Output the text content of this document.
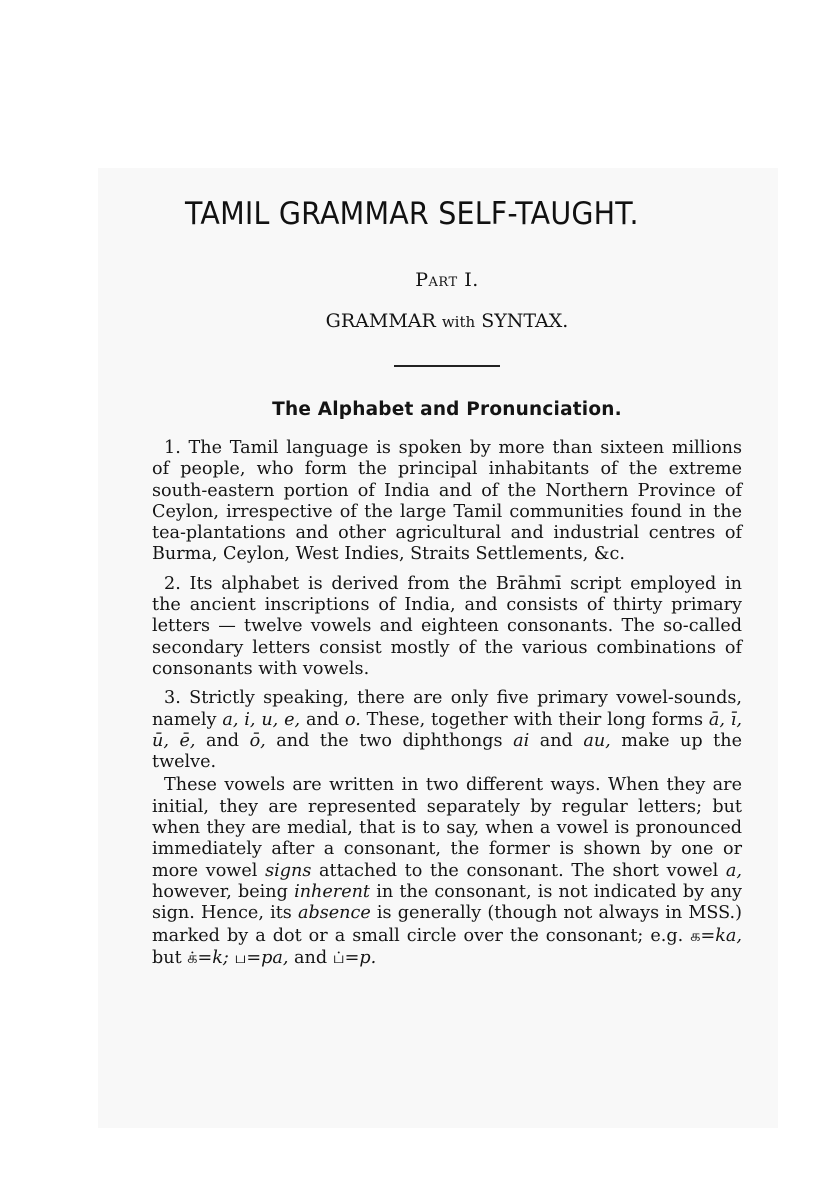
TAMIL GRAMMAR SELF-TAUGHT.
Part I.
GRAMMAR with SYNTAX.
The Alphabet and Pronunciation.

1. The Tamil language is spoken by more than sixteen millions of people, who form the principal inhabitants of the extreme south-eastern portion of India and of the Northern Province of Ceylon, irrespective of the large Tamil communities found in the tea-plantations and other agricultural and industrial centres of Burma, Ceylon, West Indies, Straits Settlements, &c.

2. Its alphabet is derived from the Brāhmī script employed in the ancient inscriptions of India, and consists of thirty primary letters — twelve vowels and eighteen consonants. The so-called secondary letters consist mostly of the various combinations of consonants with vowels.

3. Strictly speaking, there are only five primary vowel-sounds, namely a, i, u, e, and o. These, together with their long forms ā, ī, ū, ē, and ō, and the two diphthongs ai and au, make up the twelve.

These vowels are written in two different ways. When they are initial, they are represented separately by regular letters; but when they are medial, that is to say, when a vowel is pronounced immediately after a consonant, the former is shown by one or more vowel signs attached to the consonant. The short vowel a, however, being inherent in the consonant, is not indicated by any sign. Hence, its absence is generally (though not always in MSS.) marked by a dot or a small circle over the consonant; e.g. க=ka, but க்=k; ப=pa, and ப்=p.
